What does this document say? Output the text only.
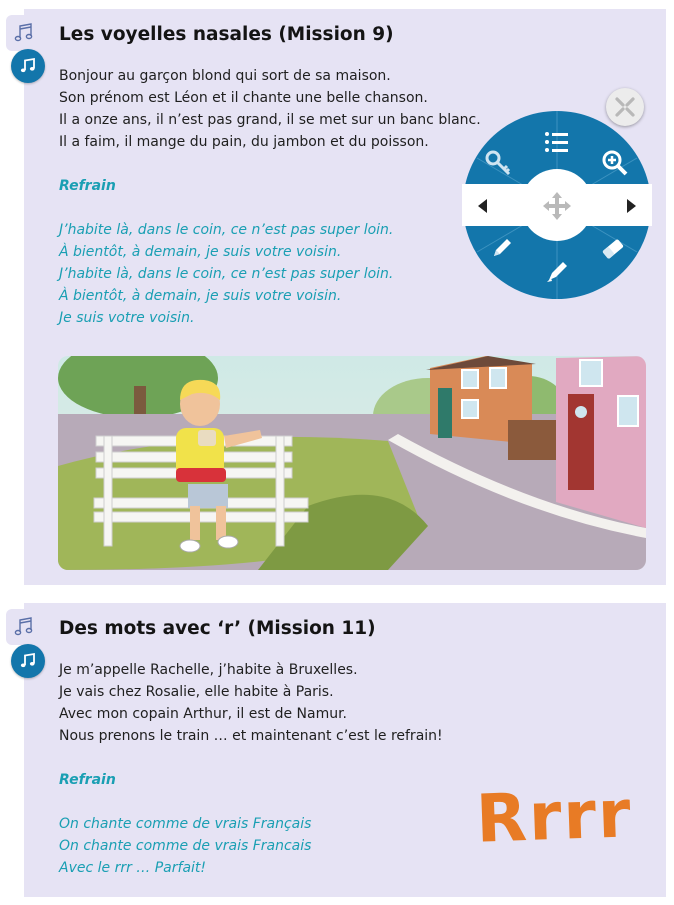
Les voyelles nasales (Mission 9)
Bonjour au garçon blond qui sort de sa maison.
Son prénom est Léon et il chante une belle chanson.
Il a onze ans, il n’est pas grand, il se met sur un banc blanc.
Il a faim, il mange du pain, du jambon et du poisson.
Refrain
J’habite là, dans le coin, ce n’est pas super loin.
À bientôt, à demain, je suis votre voisin.
J’habite là, dans le coin, ce n’est pas super loin.
À bientôt, à demain, je suis votre voisin.
Je suis votre voisin.
Des mots avec ‘r’ (Mission 11)
Je m’appelle Rachelle, j’habite à Bruxelles.
Je vais chez Rosalie, elle habite à Paris.
Avec mon copain Arthur, il est de Namur.
Nous prenons le train … et maintenant c’est le refrain!
Refrain
On chante comme de vrais Français
On chante comme de vrais Francais
Avec le rrr … Parfait!
Rrrr
